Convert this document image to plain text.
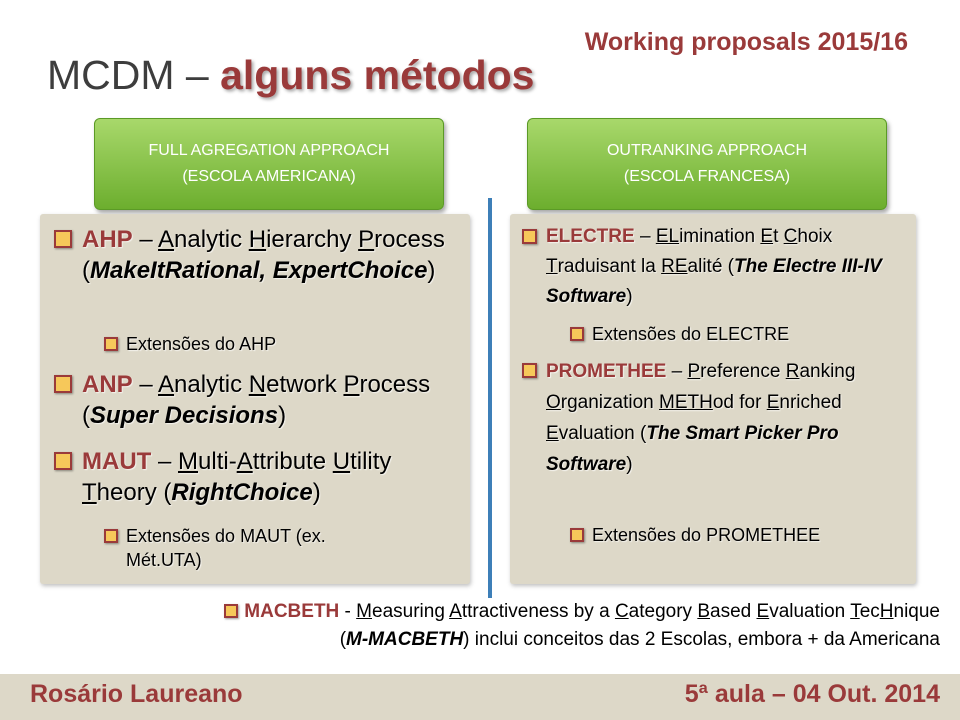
Working proposals 2015/16
MCDM – alguns métodos
FULL AGREGATION APPROACH
(ESCOLA AMERICANA)
OUTRANKING APPROACH
(ESCOLA FRANCESA)
AHP – Analytic Hierarchy Process (MakeItRational, ExpertChoice)
Extensões do AHP
ANP – Analytic Network Process (Super Decisions)
MAUT – Multi-Attribute Utility Theory (RightChoice)
Extensões do MAUT (ex. Mét.UTA)
ELECTRE – ELimination Et Choix Traduisant la REalité (The Electre III-IV Software)
Extensões do ELECTRE
PROMETHEE – Preference Ranking Organization METHod for Enriched Evaluation (The Smart Picker Pro Software)
Extensões do PROMETHEE
MACBETH - Measuring Attractiveness by a Category Based Evaluation TecHnique
(M-MACBETH) inclui conceitos das 2 Escolas, embora + da Americana
Rosário Laureano	5ª aula – 04 Out. 2014
